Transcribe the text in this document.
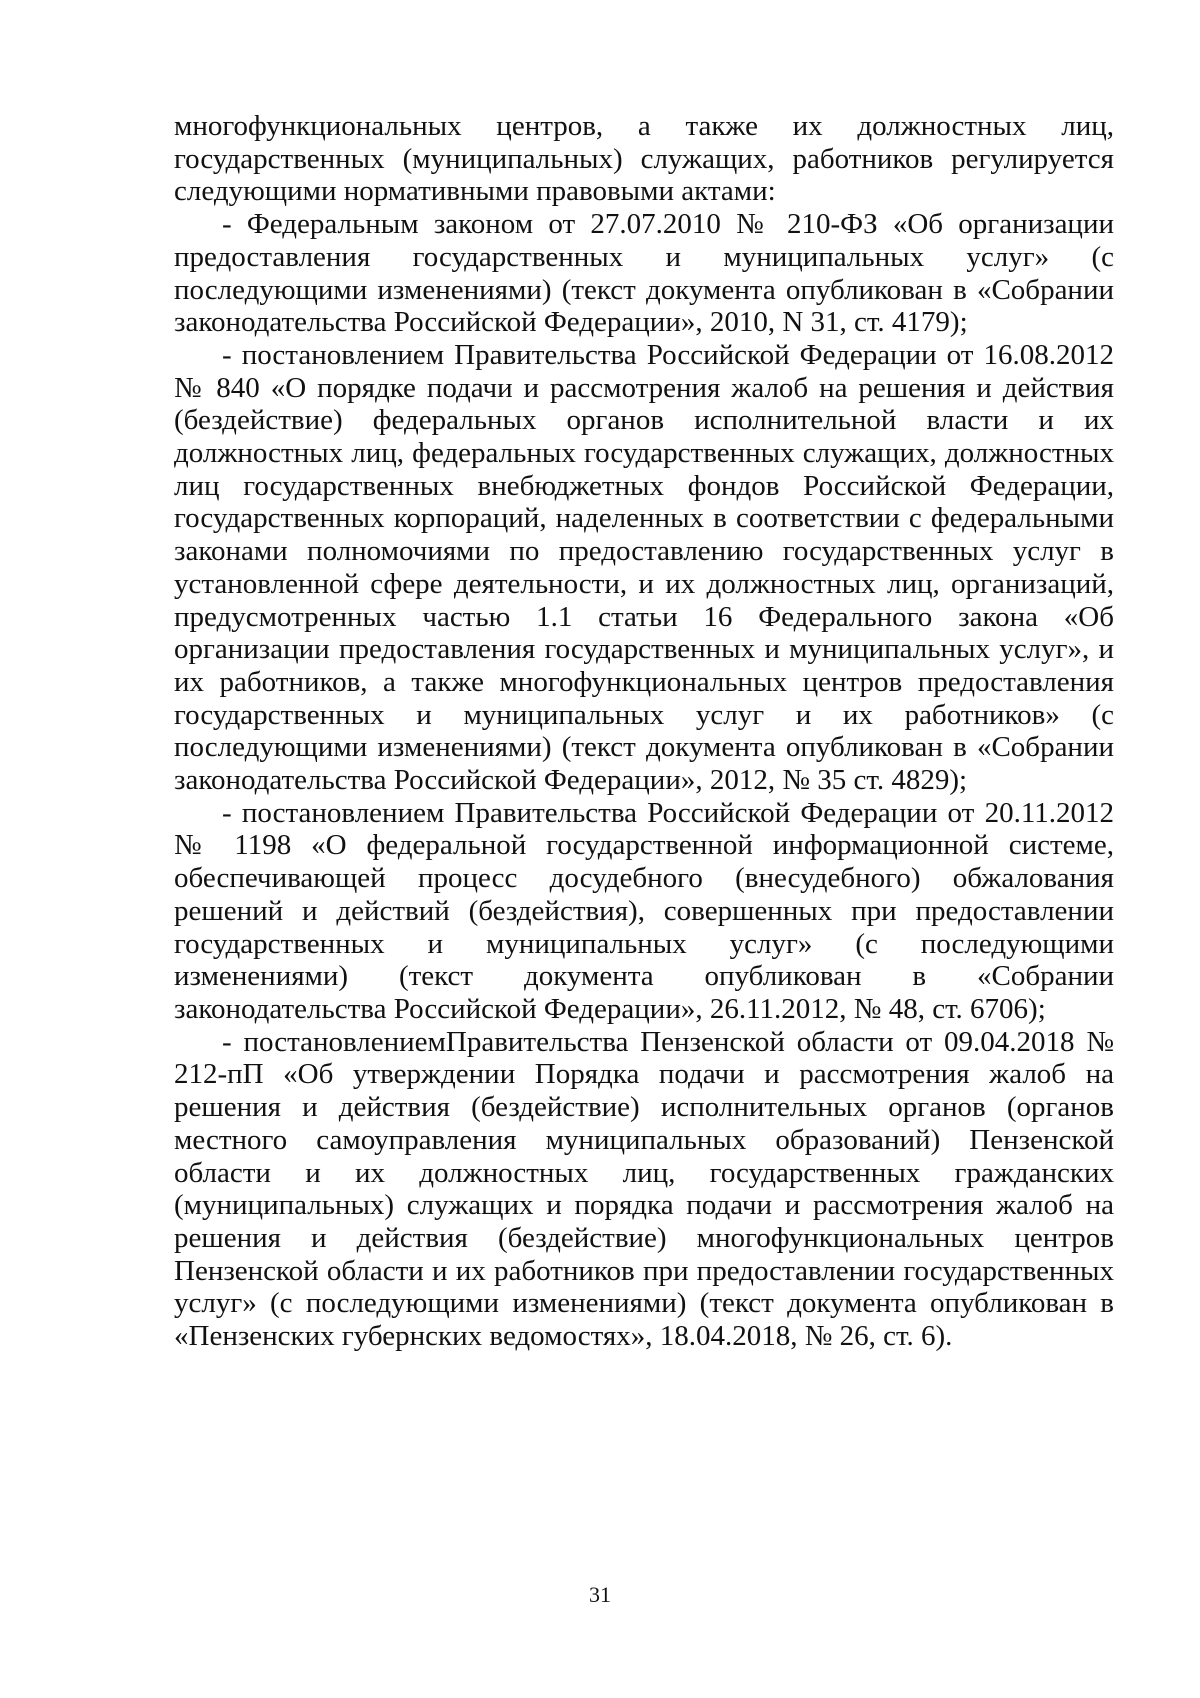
многофункциональных центров, а также их должностных лиц, государственных (муниципальных) служащих, работников регулируется следующими нормативными правовыми актами:

- Федеральным законом от 27.07.2010 № 210-ФЗ «Об организации предоставления государственных и муниципальных услуг» (с последующими изменениями) (текст документа опубликован в «Собрании законодательства Российской Федерации», 2010, N 31, ст. 4179);

- постановлением Правительства Российской Федерации от 16.08.2012 № 840 «О порядке подачи и рассмотрения жалоб на решения и действия (бездействие) федеральных органов исполнительной власти и их должностных лиц, федеральных государственных служащих, должностных лиц государственных внебюджетных фондов Российской Федерации, государственных корпораций, наделенных в соответствии с федеральными законами полномочиями по предоставлению государственных услуг в установленной сфере деятельности, и их должностных лиц, организаций, предусмотренных частью 1.1 статьи 16 Федерального закона «Об организации предоставления государственных и муниципальных услуг», и их работников, а также многофункциональных центров предоставления государственных и муниципальных услуг и их работников» (с последующими изменениями) (текст документа опубликован в «Собрании законодательства Российской Федерации», 2012, № 35 ст. 4829);

- постановлением Правительства Российской Федерации от 20.11.2012 № 1198 «О федеральной государственной информационной системе, обеспечивающей процесс досудебного (внесудебного) обжалования решений и действий (бездействия), совершенных при предоставлении государственных и муниципальных услуг» (с последующими изменениями) (текст документа опубликован в «Собрании законодательства Российской Федерации», 26.11.2012, № 48, ст. 6706);

- постановлениемПравительства Пензенской области от 09.04.2018 № 212-пП «Об утверждении Порядка подачи и рассмотрения жалоб на решения и действия (бездействие) исполнительных органов (органов местного самоуправления муниципальных образований) Пензенской области и их должностных лиц, государственных гражданских (муниципальных) служащих и порядка подачи и рассмотрения жалоб на решения и действия (бездействие) многофункциональных центров Пензенской области и их работников при предоставлении государственных услуг» (с последующими изменениями) (текст документа опубликован в «Пензенских губернских ведомостях», 18.04.2018, № 26, ст. 6).

31
